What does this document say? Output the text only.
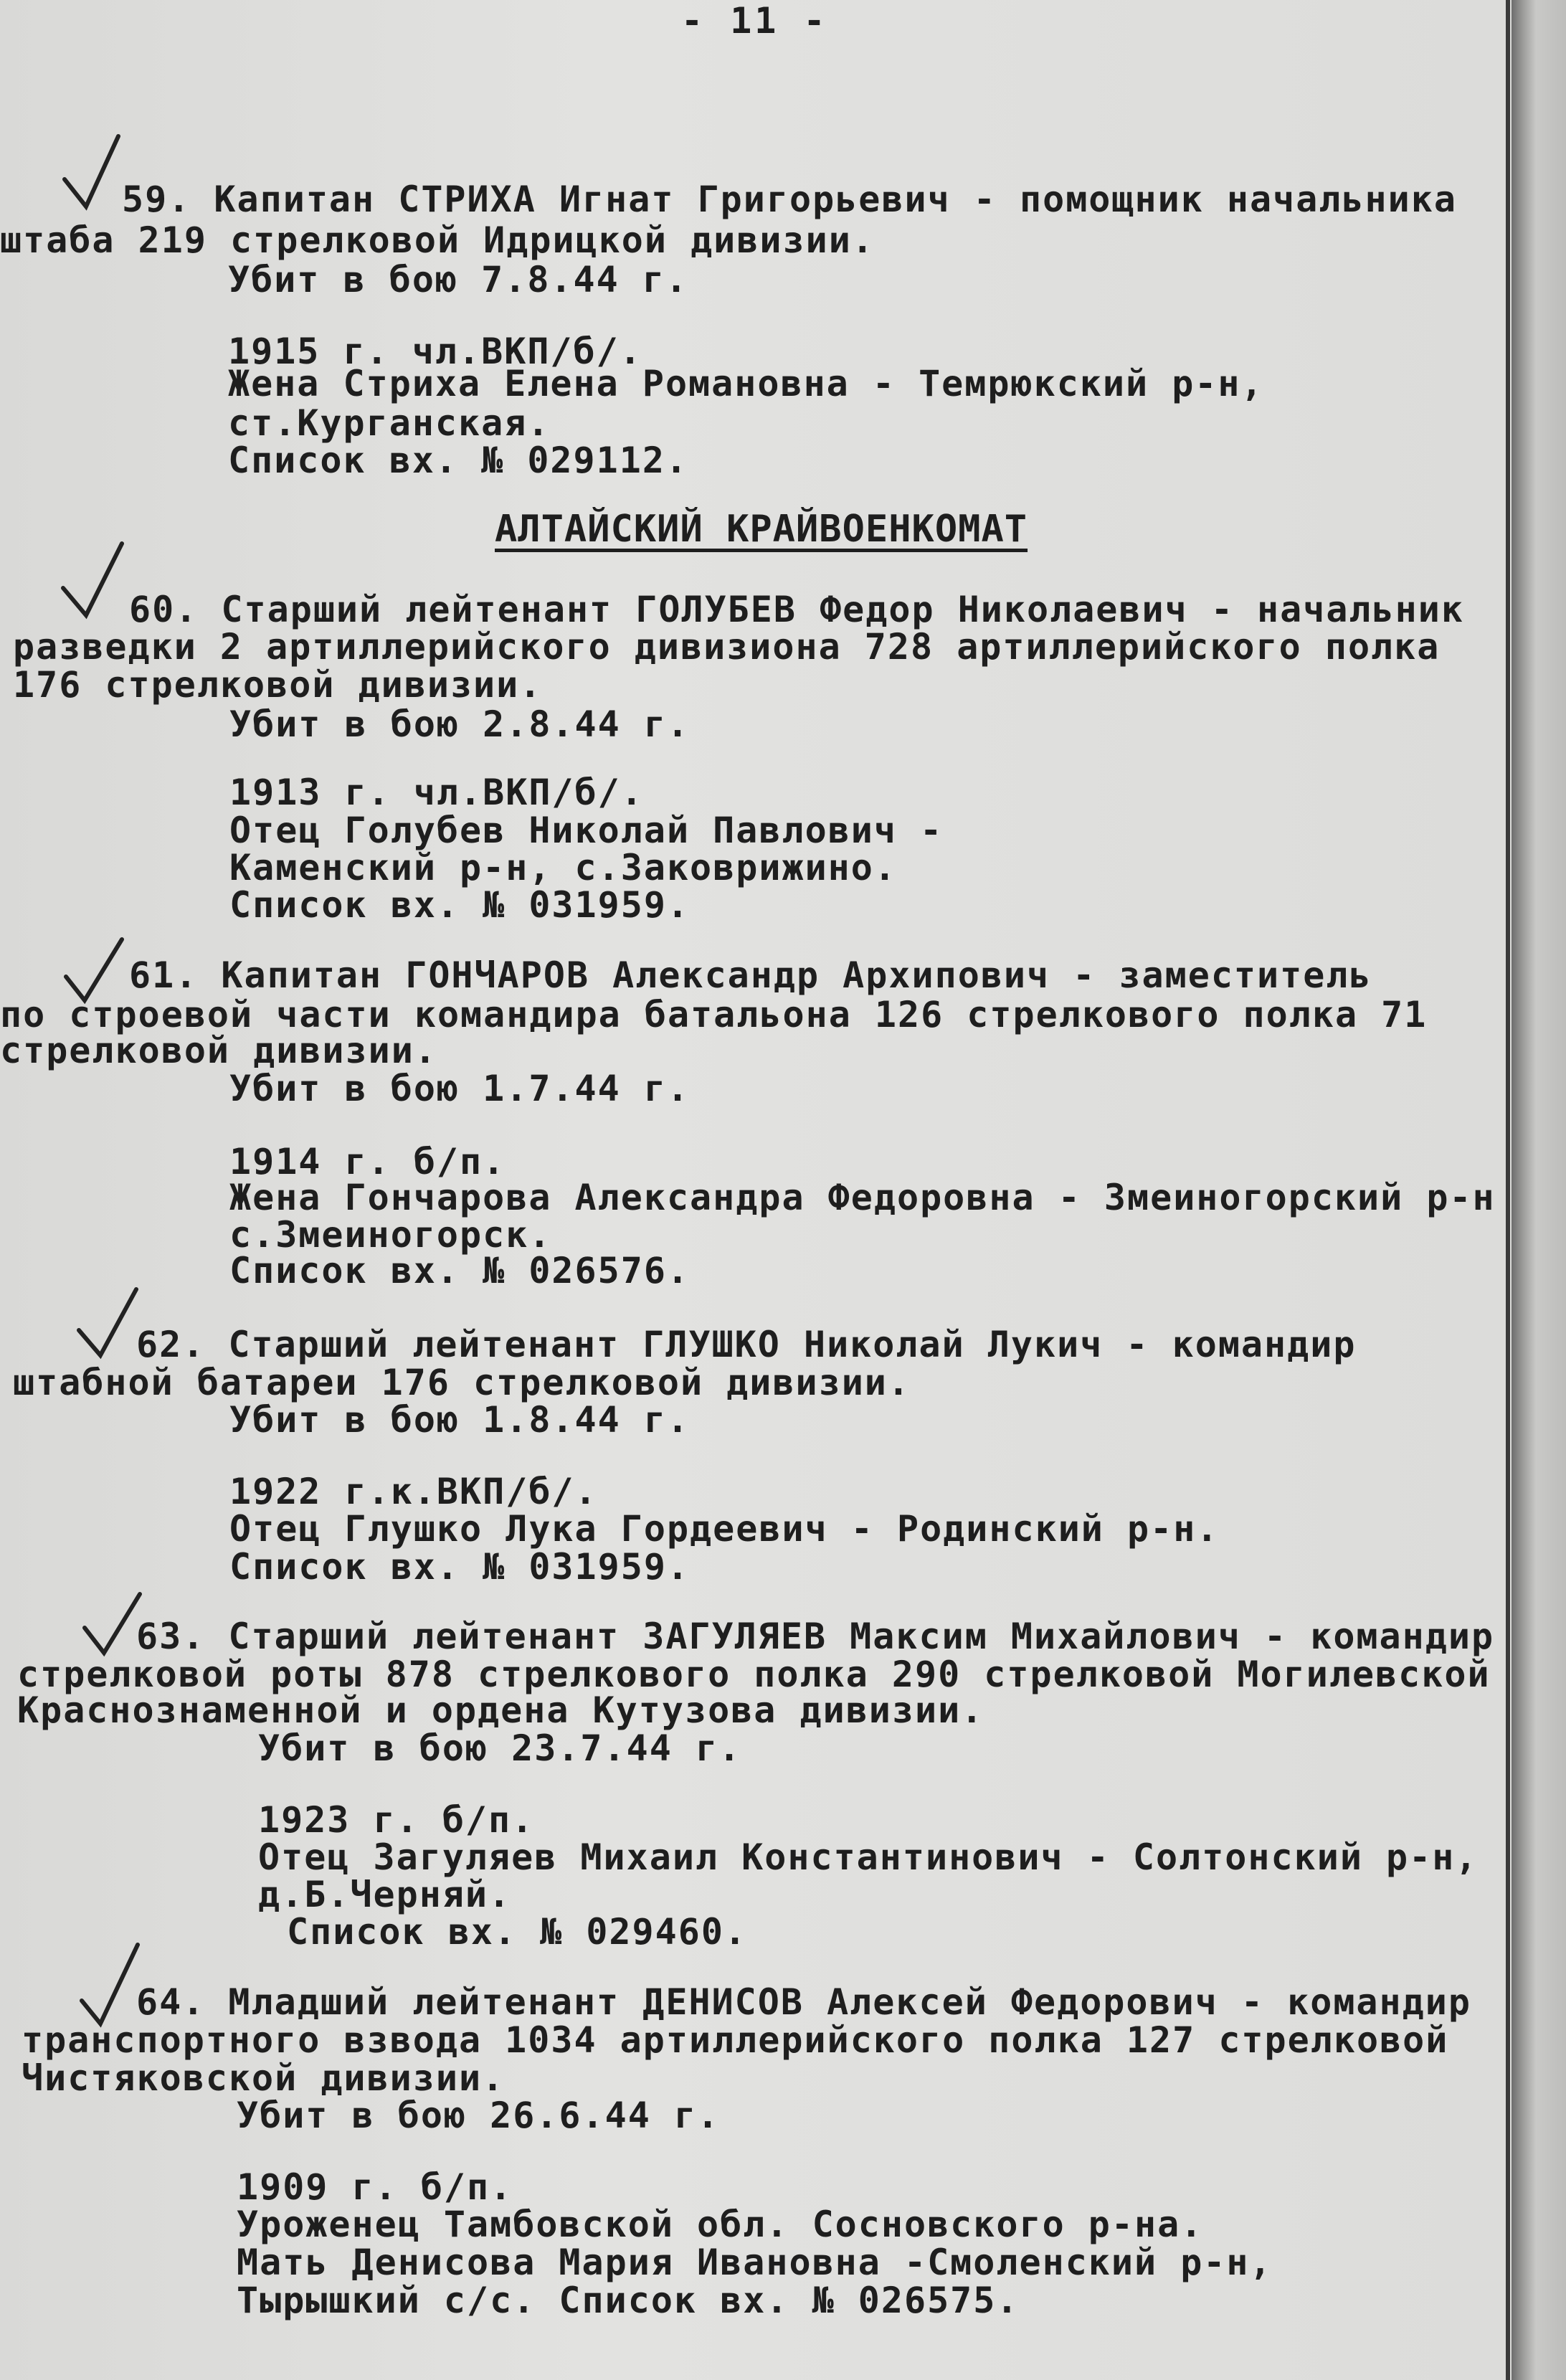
- 11 -
АЛТАЙСКИЙ КРАЙВОЕНКОМАТ
59. Капитан СТРИХА Игнат Григорьевич - помощник начальника
штаба 219 стрелковой Идрицкой дивизии.
Убит в бою 7.8.44 г.
1915 г. чл.ВКП/б/.
Жена Стриха Елена Романовна - Темрюкский р-н,
ст.Курганская.
Список вх. № 029112.
60. Старший лейтенант ГОЛУБЕВ Федор Николаевич - начальник
разведки 2 артиллерийского дивизиона 728 артиллерийского полка
176 стрелковой дивизии.
Убит в бою 2.8.44 г.
1913 г. чл.ВКП/б/.
Отец Голубев Николай Павлович -
Каменский р-н, с.Заковрижино.
Список вх. № 031959.
61. Капитан ГОНЧАРОВ Александр Архипович - заместитель
по строевой части командира батальона 126 стрелкового полка 71
стрелковой дивизии.
Убит в бою 1.7.44 г.
1914 г. б/п.
Жена Гончарова Александра Федоровна - Змеиногорский р-н
с.Змеиногорск.
Список вх. № 026576.
62. Старший лейтенант ГЛУШКО Николай Лукич - командир
штабной батареи 176 стрелковой дивизии.
Убит в бою 1.8.44 г.
1922 г.к.ВКП/б/.
Отец Глушко Лука Гордеевич - Родинский р-н.
Список вх. № 031959.
63. Старший лейтенант ЗАГУЛЯЕВ Максим Михайлович - командир
стрелковой роты 878 стрелкового полка 290 стрелковой Могилевской
Краснознаменной и ордена Кутузова дивизии.
Убит в бою 23.7.44 г.
1923 г. б/п.
Отец Загуляев Михаил Константинович - Солтонский р-н,
д.Б.Черняй.
Список вх. № 029460.
64. Младший лейтенант ДЕНИСОВ Алексей Федорович - командир
транспортного взвода 1034 артиллерийского полка 127 стрелковой
Чистяковской дивизии.
Убит в бою 26.6.44 г.
1909 г. б/п.
Уроженец Тамбовской обл. Сосновского р-на.
Мать Денисова Мария Ивановна -Смоленский р-н,
Тырышкий с/с. Список вх. № 026575.
